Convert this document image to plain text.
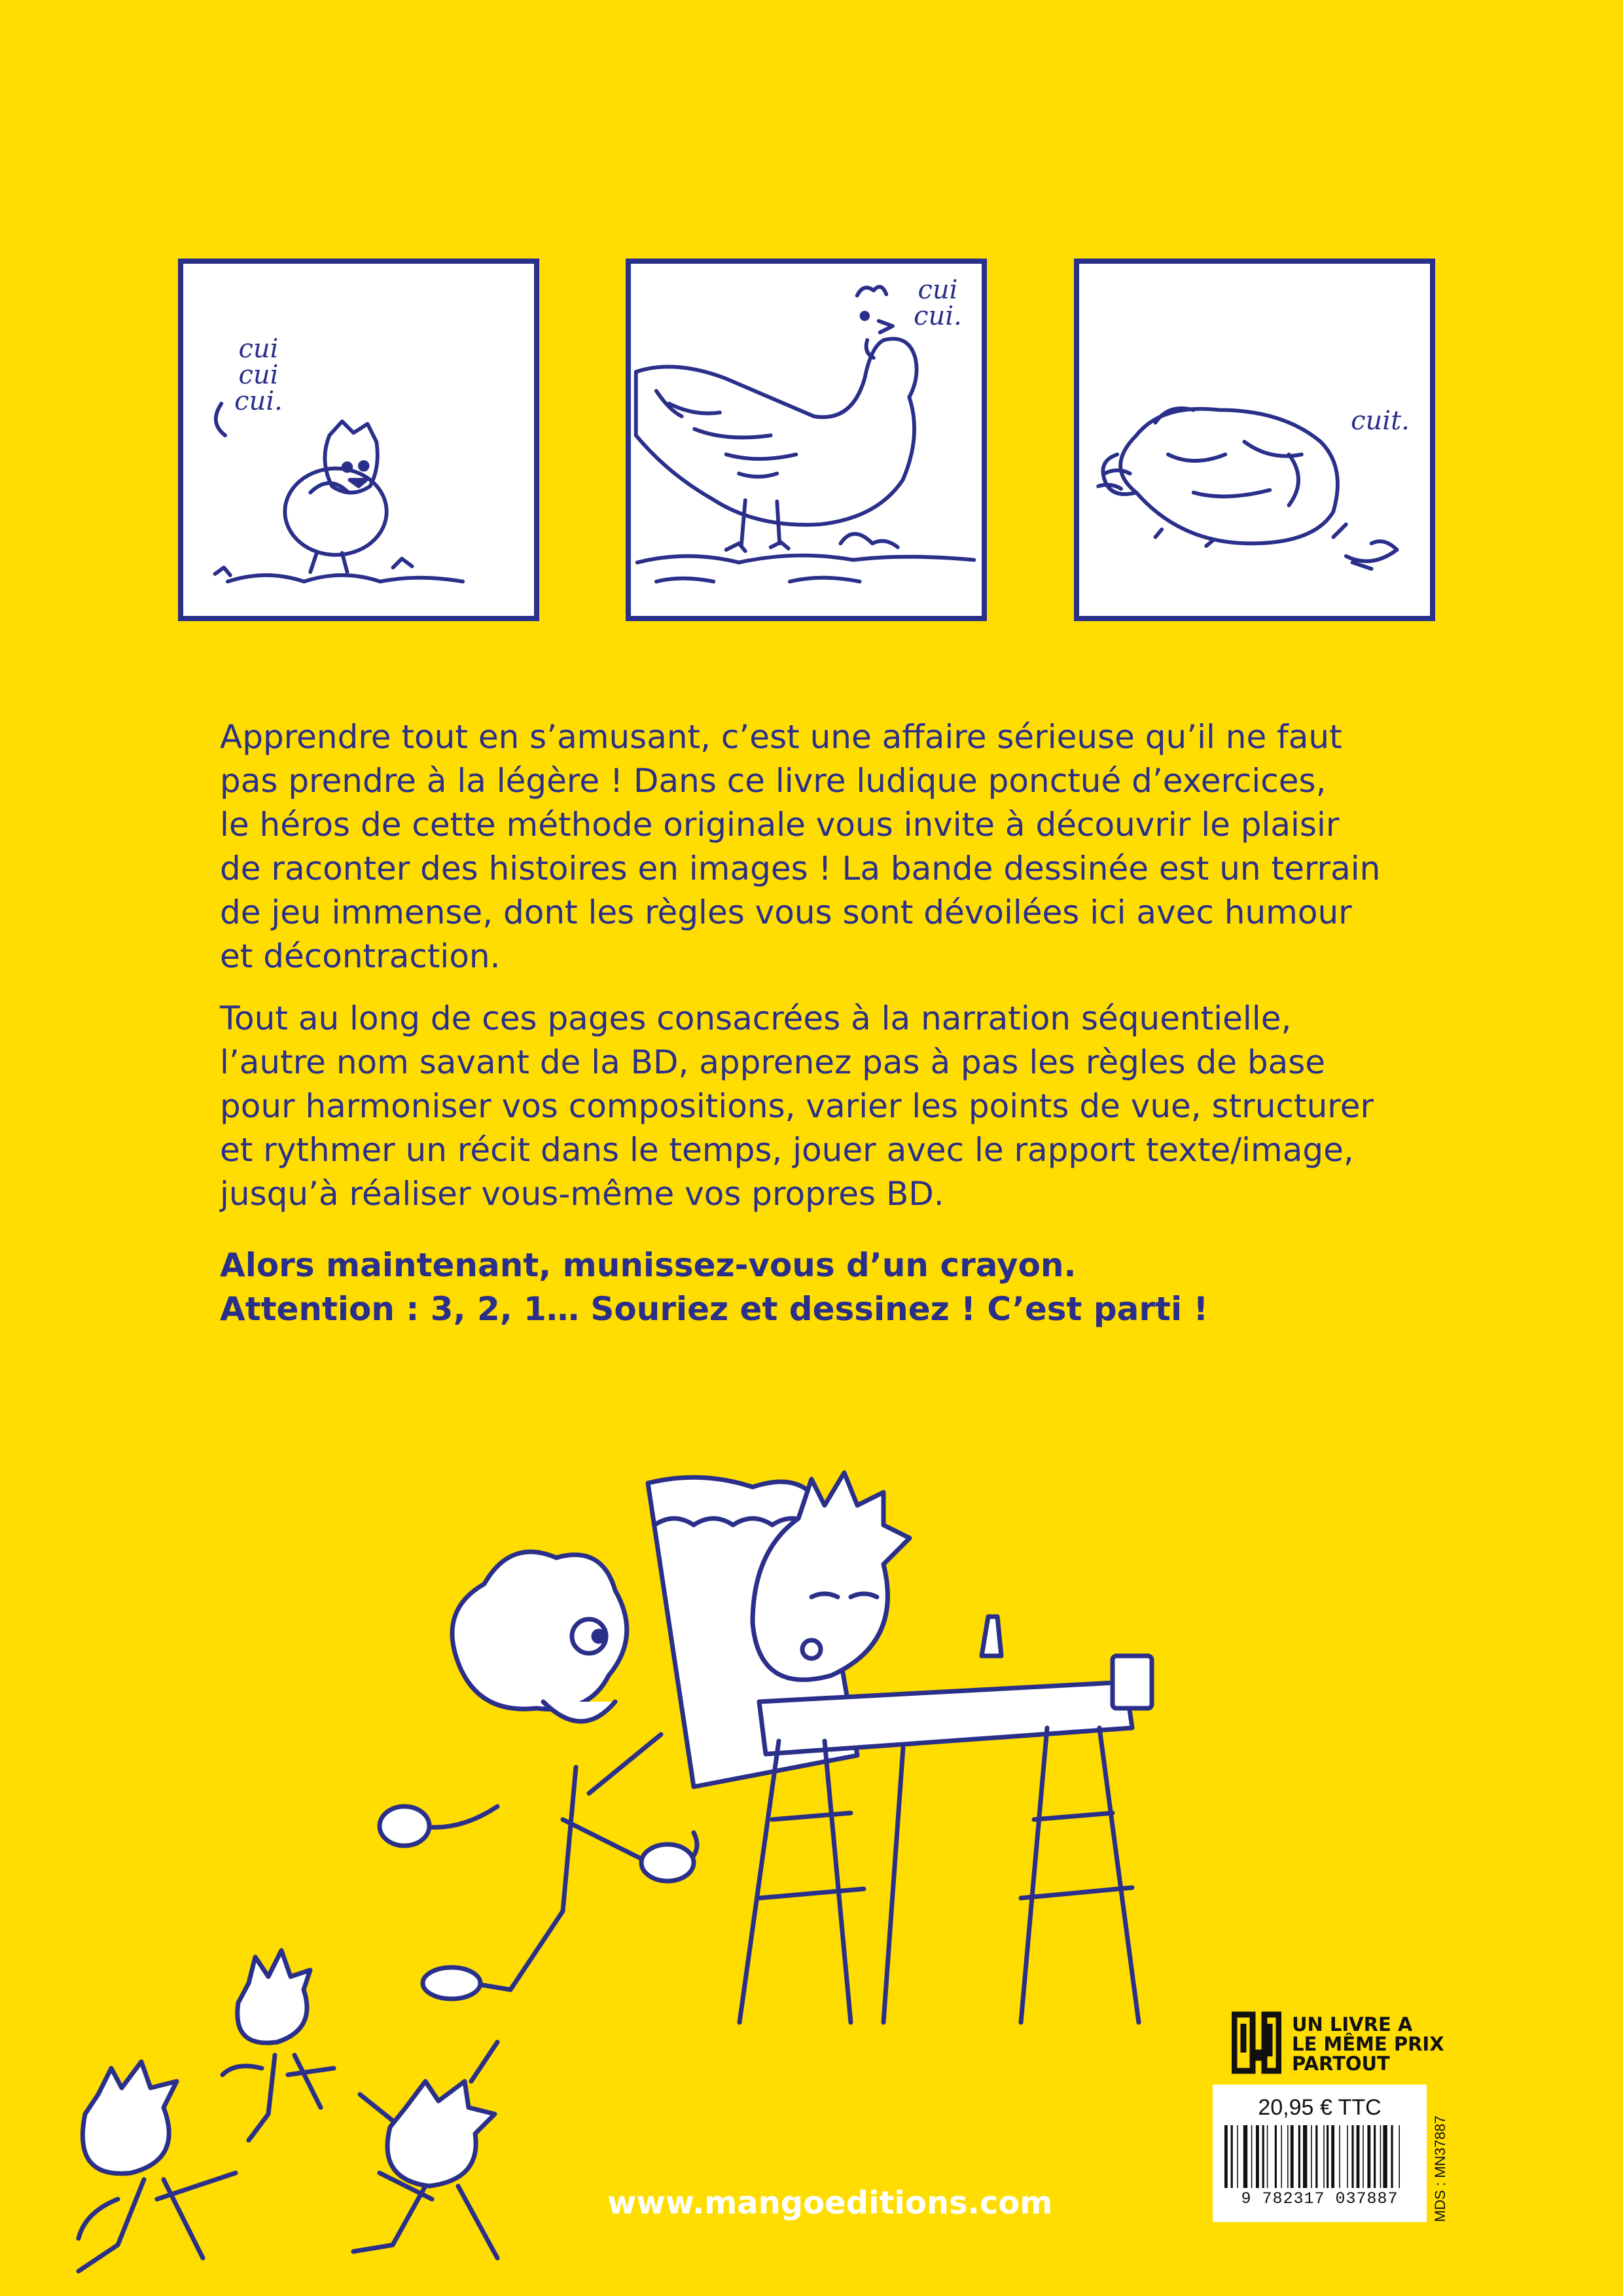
cui
cui
cui.
cui
cui.
cuit.

Apprendre tout en s’amusant, c’est une affaire sérieuse qu’il ne faut
pas prendre à la légère ! Dans ce livre ludique ponctué d’exercices,
le héros de cette méthode originale vous invite à découvrir le plaisir
de raconter des histoires en images ! La bande dessinée est un terrain
de jeu immense, dont les règles vous sont dévoilées ici avec humour
et décontraction.

Tout au long de ces pages consacrées à la narration séquentielle,
l’autre nom savant de la BD, apprenez pas à pas les règles de base
pour harmoniser vos compositions, varier les points de vue, structurer
et rythmer un récit dans le temps, jouer avec le rapport texte/image,
jusqu’à réaliser vous-même vos propres BD.

Alors maintenant, munissez-vous d’un crayon.
Attention : 3, 2, 1… Souriez et dessinez ! C’est parti !

www.mangoeditions.com
UN LIVRE A
LE MÊME PRIX
PARTOUT
20,95 € TTC
9 782317 037887	MDS : MN37887
